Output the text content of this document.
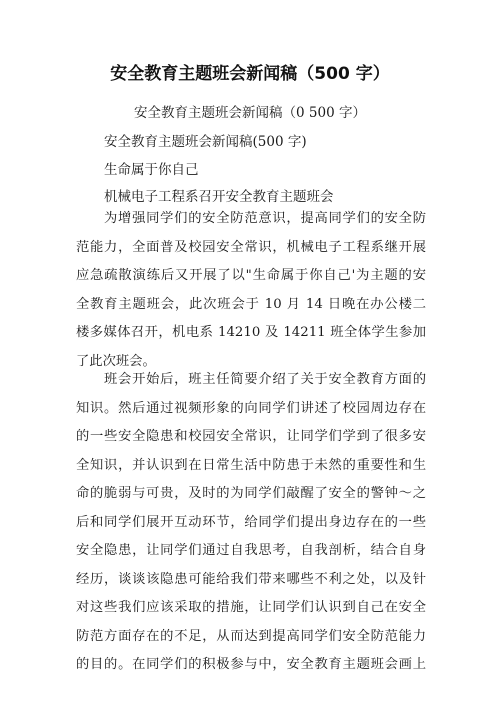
安全教育主题班会新闻稿（500 字）

安全教育主题班会新闻稿（0 500 字）

安全教育主题班会新闻稿(500 字)

生命属于你自己

机械电子工程系召开安全教育主题班会

为增强同学们的安全防范意识，提高同学们的安全防
范能力，全面普及校园安全常识，机械电子工程系继开展
应急疏散演练后又开展了以"生命属于你自己'为主题的安
全教育主题班会，此次班会于 10 月 14 日晚在办公楼二
楼多媒体召开，机电系 14210 及 14211 班全体学生参加
了此次班会。
班会开始后，班主任简要介绍了关于安全教育方面的
知识。然后通过视频形象的向同学们讲述了校园周边存在
的一些安全隐患和校园安全常识，让同学们学到了很多安
全知识，并认识到在日常生活中防患于未然的重要性和生
命的脆弱与可贵，及时的为同学们敲醒了安全的警钟～之
后和同学们展开互动环节，给同学们提出身边存在的一些
安全隐患，让同学们通过自我思考，自我剖析，结合自身
经历，谈谈该隐患可能给我们带来哪些不利之处，以及针
对这些我们应该采取的措施，让同学们认识到自己在安全
防范方面存在的不足，从而达到提高同学们安全防范能力
的目的。在同学们的积极参与中，安全教育主题班会画上
